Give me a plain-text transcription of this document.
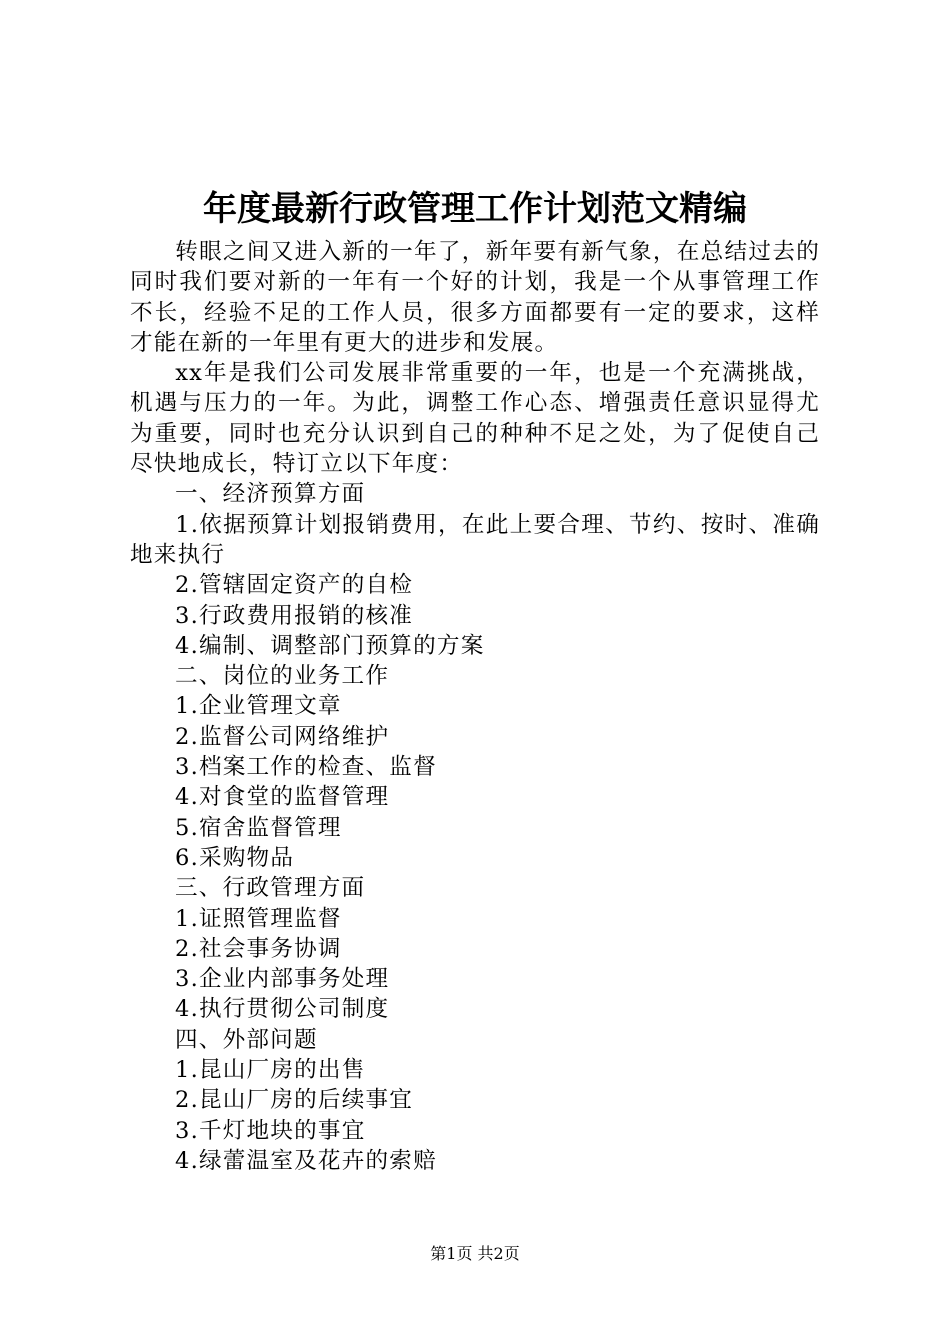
年度最新行政管理工作计划范文精编

转眼之间又进入新的一年了，新年要有新气象，在总结过去的同时我们要对新的一年有一个好的计划，我是一个从事管理工作不长，经验不足的工作人员，很多方面都要有一定的要求，这样才能在新的一年里有更大的进步和发展。

xx年是我们公司发展非常重要的一年，也是一个充满挑战，机遇与压力的一年。为此，调整工作心态、增强责任意识显得尤为重要，同时也充分认识到自己的种种不足之处，为了促使自己尽快地成长，特订立以下年度：

一、经济预算方面

1.依据预算计划报销费用，在此上要合理、节约、按时、准确地来执行

2.管辖固定资产的自检

3.行政费用报销的核准

4.编制、调整部门预算的方案

二、岗位的业务工作

1.企业管理文章

2.监督公司网络维护

3.档案工作的检查、监督

4.对食堂的监督管理

5.宿舍监督管理

6.采购物品

三、行政管理方面

1.证照管理监督

2.社会事务协调

3.企业内部事务处理

4.执行贯彻公司制度

四、外部问题

1.昆山厂房的出售

2.昆山厂房的后续事宜

3.千灯地块的事宜

4.绿蕾温室及花卉的索赔

第1页 共2页
